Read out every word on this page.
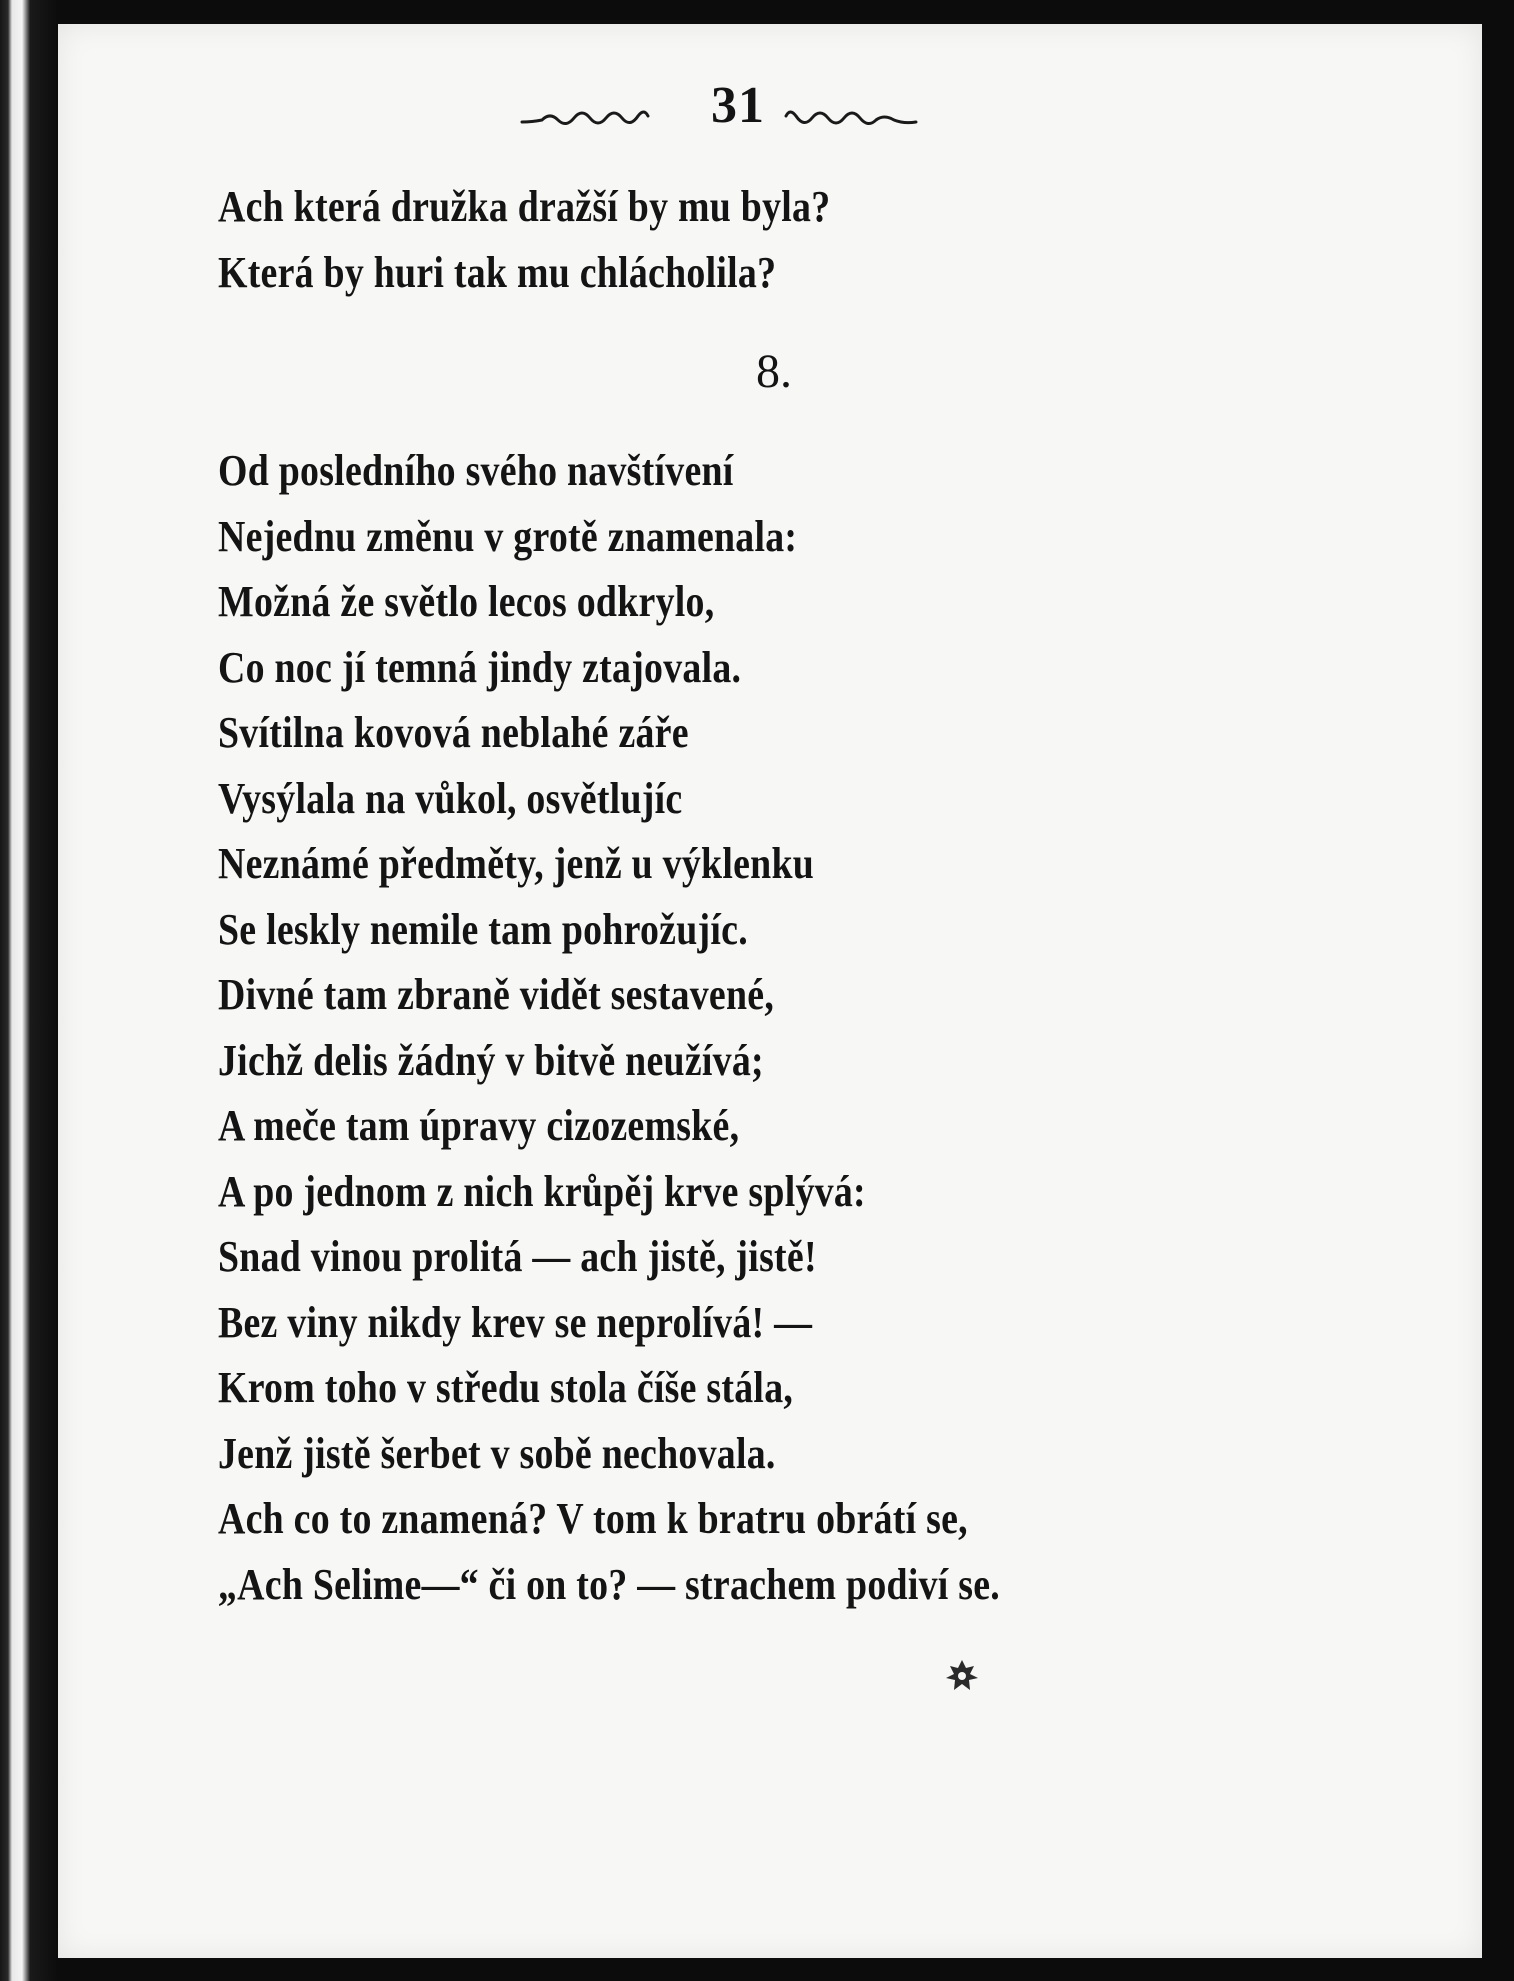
31
Ach která družka dražší by mu byla?
Která by huri tak mu chlácholila?
8.
Od posledního svého navštívení
Nejednu změnu v grotě znamenala:
Možná že světlo lecos odkrylo,
Co noc jí temná jindy ztajovala.
Svítilna kovová neblahé záře
Vysýlala na vůkol, osvětlujíc
Neznámé předměty, jenž u výklenku
Se leskly nemile tam pohrožujíc.
Divné tam zbraně vidět sestavené,
Jichž delis žádný v bitvě neužívá;
A meče tam úpravy cizozemské,
A po jednom z nich krůpěj krve splývá:
Snad vinou prolitá — ach jistě, jistě!
Bez viny nikdy krev se neprolívá! —
Krom toho v středu stola číše stála,
Jenž jistě šerbet v sobě nechovala.
Ach co to znamená? V tom k bratru obrátí se,
„Ach Selime—“ či on to? — strachem podiví se.
